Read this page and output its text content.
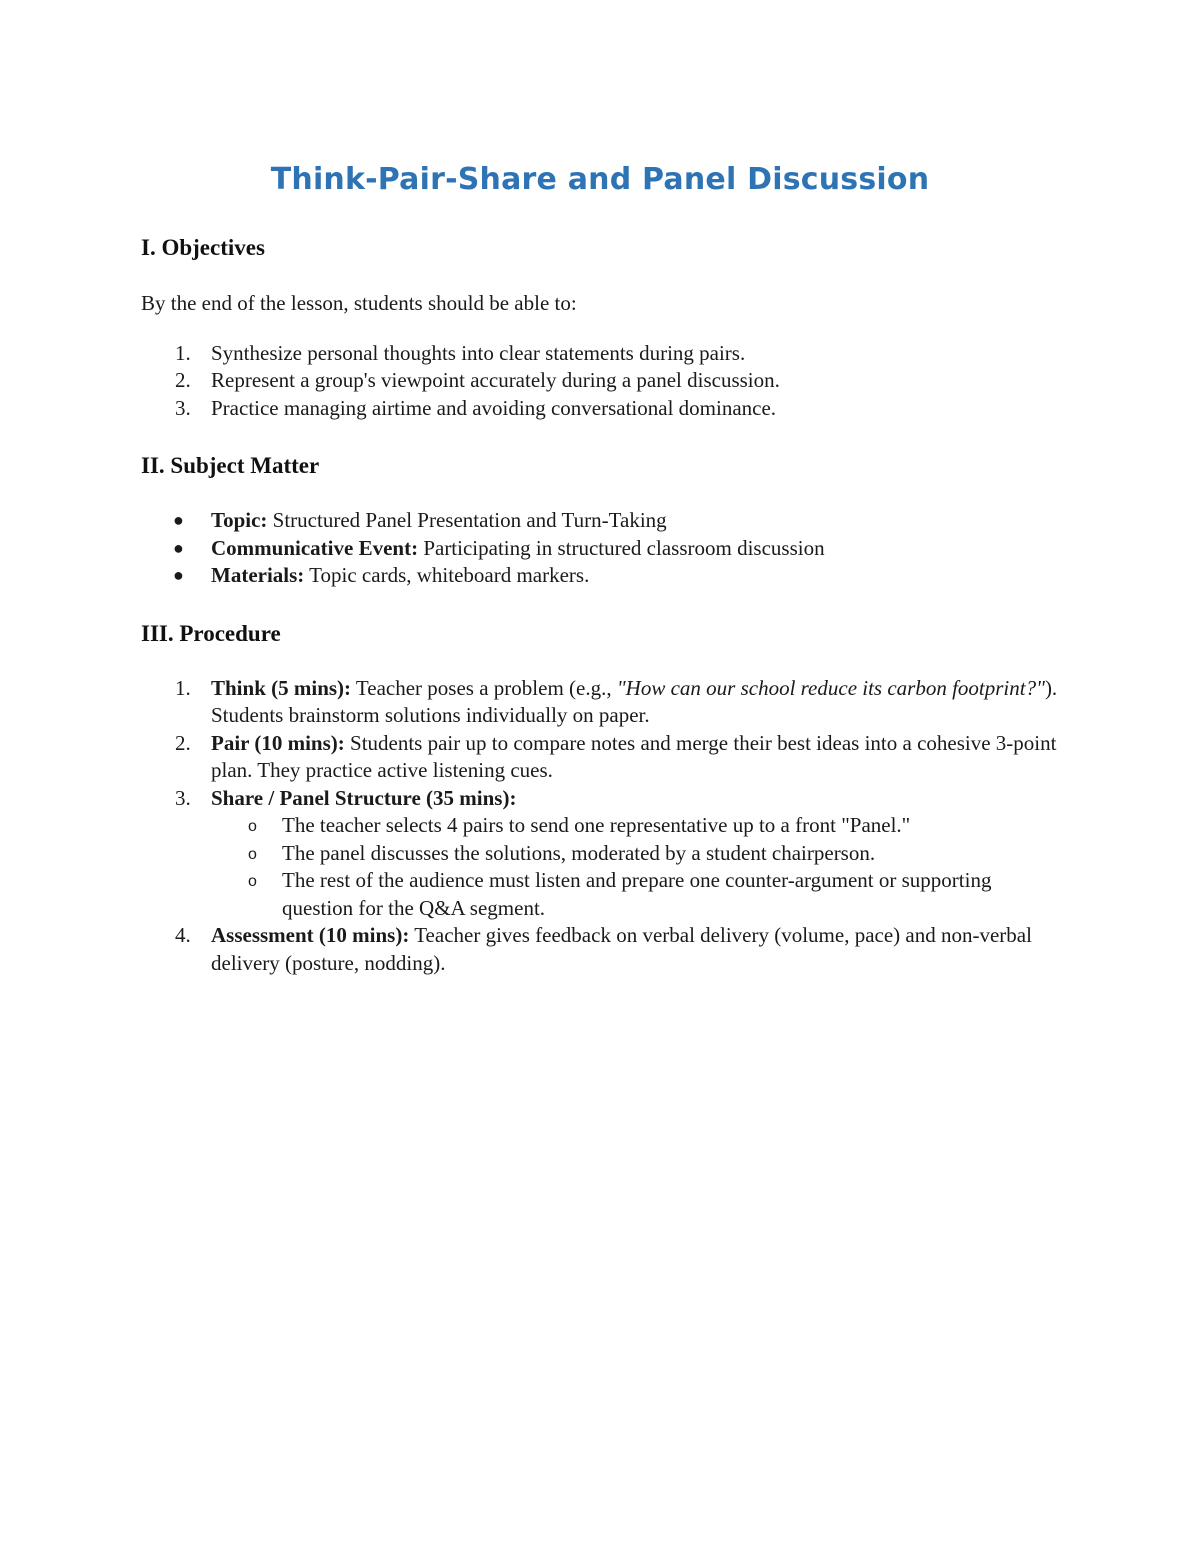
Think-Pair-Share and Panel Discussion
I. Objectives

By the end of the lesson, students should be able to:

1. Synthesize personal thoughts into clear statements during pairs.
2. Represent a group's viewpoint accurately during a panel discussion.
3. Practice managing airtime and avoiding conversational dominance.
II. Subject Matter
● Topic: Structured Panel Presentation and Turn-Taking
● Communicative Event: Participating in structured classroom discussion
● Materials: Topic cards, whiteboard markers.
III. Procedure
1. Think (5 mins): Teacher poses a problem (e.g., "How can our school reduce its carbon footprint?"). Students brainstorm solutions individually on paper.
2. Pair (10 mins): Students pair up to compare notes and merge their best ideas into a cohesive 3-point plan. They practice active listening cues.
3. Share / Panel Structure (35 mins):
o The teacher selects 4 pairs to send one representative up to a front "Panel."
o The panel discusses the solutions, moderated by a student chairperson.
o The rest of the audience must listen and prepare one counter-argument or supporting question for the Q&A segment.
4. Assessment (10 mins): Teacher gives feedback on verbal delivery (volume, pace) and non-verbal delivery (posture, nodding).
